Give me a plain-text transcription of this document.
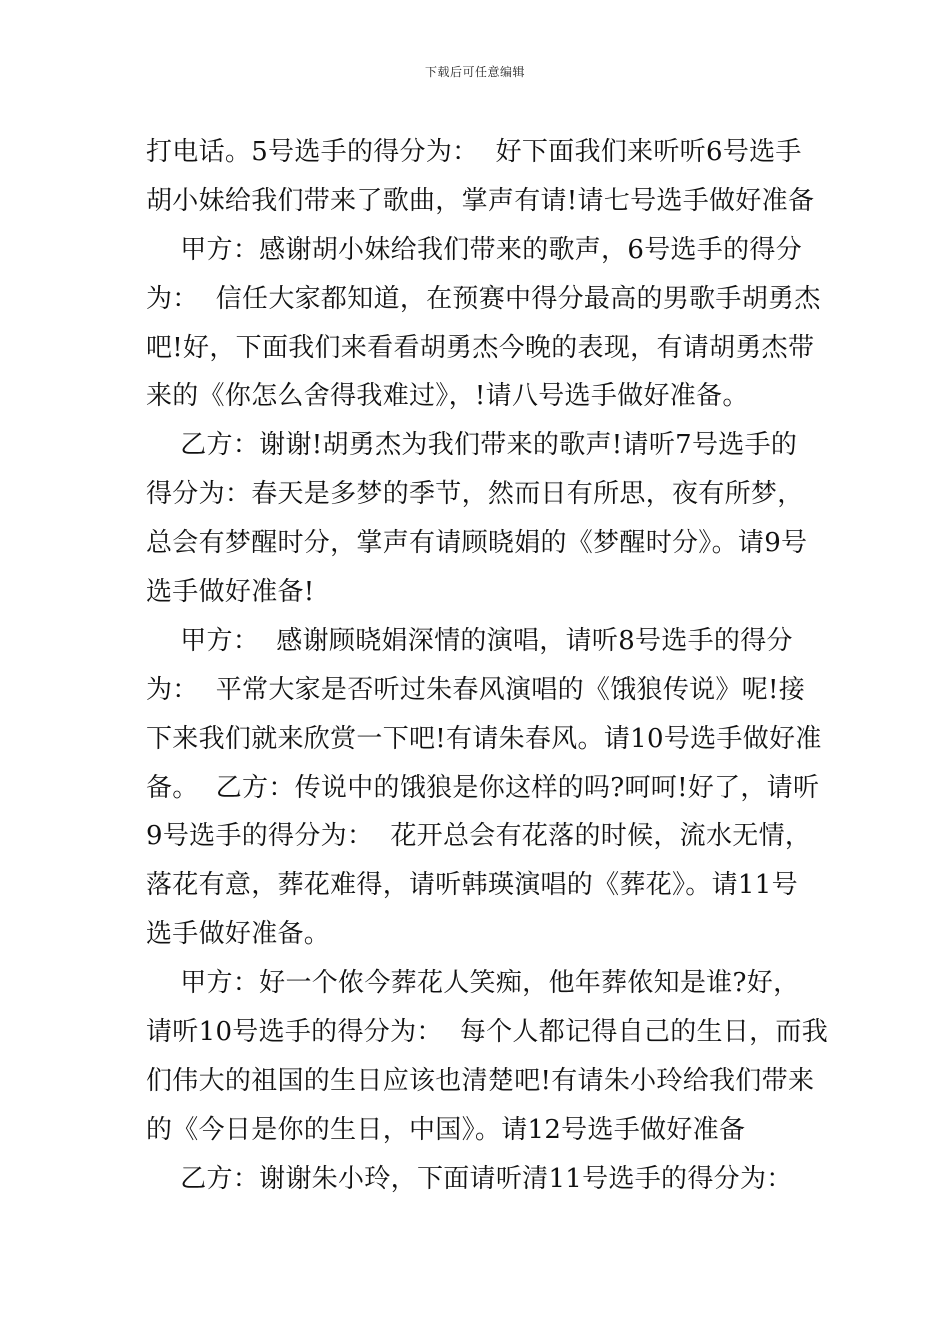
下载后可任意编辑
打电话。5号选手的得分为：  好下面我们来听听6号选手
胡小妹给我们带来了歌曲，掌声有请!请七号选手做好准备
甲方：感谢胡小妹给我们带来的歌声，6号选手的得分
为：  信任大家都知道，在预赛中得分最高的男歌手胡勇杰
吧!好，下面我们来看看胡勇杰今晚的表现，有请胡勇杰带
来的《你怎么舍得我难过》，!请八号选手做好准备。
乙方：谢谢!胡勇杰为我们带来的歌声!请听7号选手的
得分为：春天是多梦的季节，然而日有所思，夜有所梦，
总会有梦醒时分，掌声有请顾晓娟的《梦醒时分》。请9号
选手做好准备!
甲方：  感谢顾晓娟深情的演唱，请听8号选手的得分
为：  平常大家是否听过朱春风演唱的《饿狼传说》呢!接
下来我们就来欣赏一下吧!有请朱春风。请10号选手做好准
备。  乙方：传说中的饿狼是你这样的吗?呵呵!好了，请听
9号选手的得分为：  花开总会有花落的时候，流水无情，
落花有意，葬花难得，请听韩瑛演唱的《葬花》。请11号
选手做好准备。
甲方：好一个侬今葬花人笑痴，他年葬侬知是谁?好，
请听10号选手的得分为：  每个人都记得自己的生日，而我
们伟大的祖国的生日应该也清楚吧!有请朱小玲给我们带来
的《今日是你的生日，中国》。请12号选手做好准备
乙方：谢谢朱小玲，下面请听清11号选手的得分为：
